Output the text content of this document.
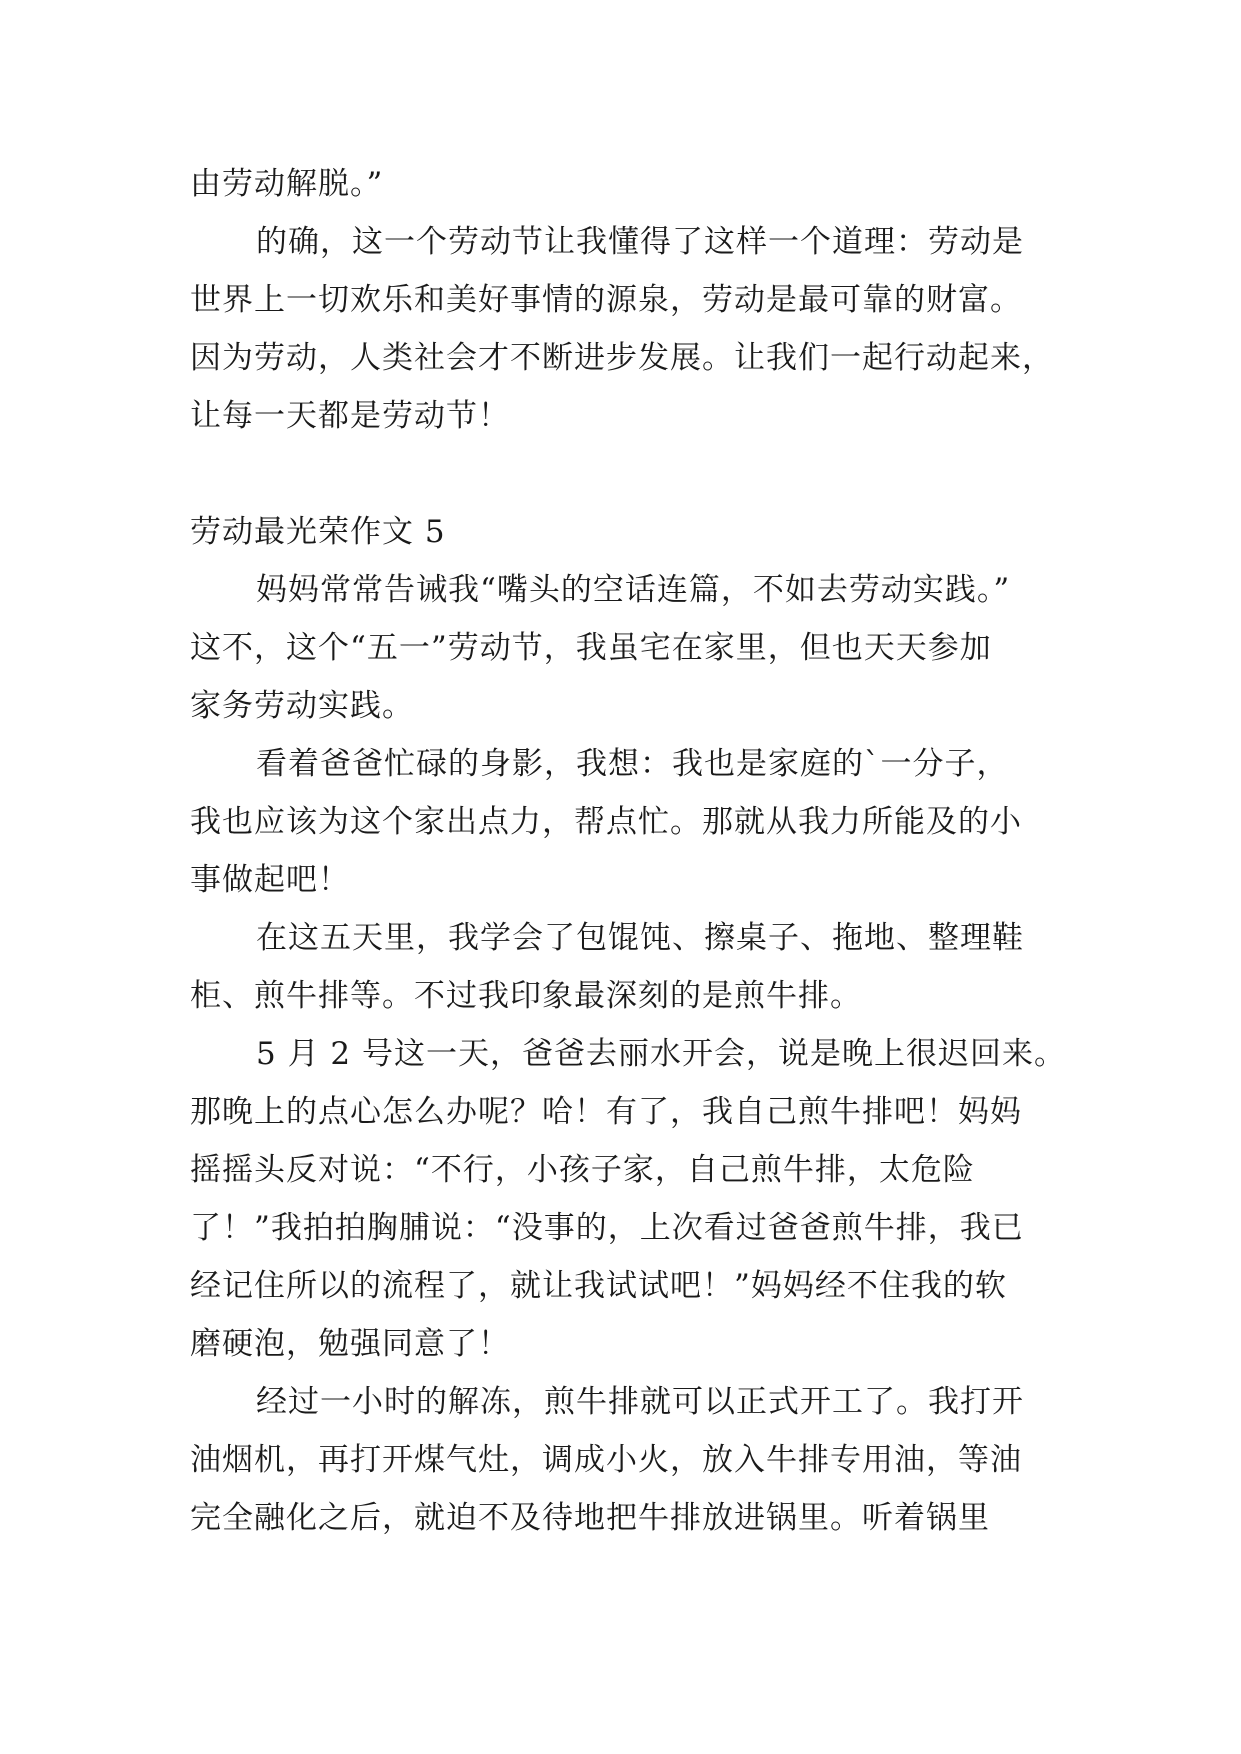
由劳动解脱。”
的确，这一个劳动节让我懂得了这样一个道理：劳动是
世界上一切欢乐和美好事情的源泉，劳动是最可靠的财富。
因为劳动，人类社会才不断进步发展。让我们一起行动起来，
让每一天都是劳动节！
劳动最光荣作文 5
妈妈常常告诫我“嘴头的空话连篇，不如去劳动实践。”
这不，这个“五一”劳动节，我虽宅在家里，但也天天参加
家务劳动实践。
看着爸爸忙碌的身影，我想：我也是家庭的`一分子，
我也应该为这个家出点力，帮点忙。那就从我力所能及的小
事做起吧！
在这五天里，我学会了包馄饨、擦桌子、拖地、整理鞋
柜、煎牛排等。不过我印象最深刻的是煎牛排。
5 月 2 号这一天，爸爸去丽水开会，说是晚上很迟回来。
那晚上的点心怎么办呢？哈！有了，我自己煎牛排吧！妈妈
摇摇头反对说：“不行，小孩子家，自己煎牛排，太危险
了！”我拍拍胸脯说：“没事的，上次看过爸爸煎牛排，我已
经记住所以的流程了，就让我试试吧！”妈妈经不住我的软
磨硬泡，勉强同意了！
经过一小时的解冻，煎牛排就可以正式开工了。我打开
油烟机，再打开煤气灶，调成小火，放入牛排专用油，等油
完全融化之后，就迫不及待地把牛排放进锅里。听着锅里
